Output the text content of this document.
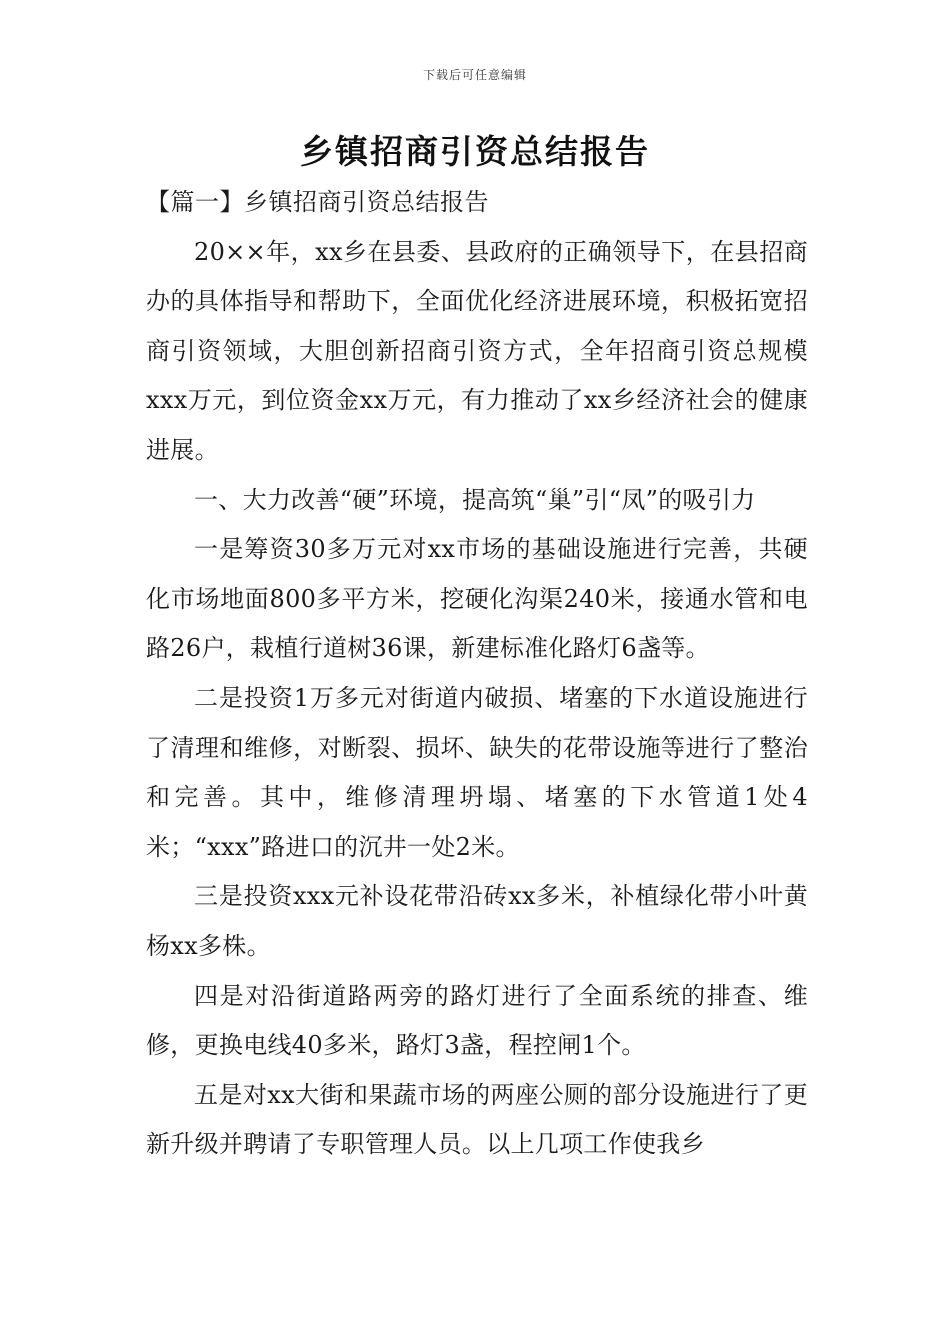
下载后可任意编辑
乡镇招商引资总结报告

【篇一】乡镇招商引资总结报告

20××年，xx乡在县委、县政府的正确领导下，在县招商办的具体指导和帮助下，全面优化经济进展环境，积极拓宽招商引资领域，大胆创新招商引资方式，全年招商引资总规模xxx万元，到位资金xx万元，有力推动了xx乡经济社会的健康进展。

一、大力改善“硬”环境，提高筑“巢”引“凤”的吸引力

一是筹资30多万元对xx市场的基础设施进行完善，共硬化市场地面800多平方米，挖硬化沟渠240米，接通水管和电路26户，栽植行道树36课，新建标准化路灯6盏等。

二是投资1万多元对街道内破损、堵塞的下水道设施进行了清理和维修，对断裂、损坏、缺失的花带设施等进行了整治和完善。其中，维修清理坍塌、堵塞的下水管道1处4米；“xxx”路进口的沉井一处2米。

三是投资xxx元补设花带沿砖xx多米，补植绿化带小叶黄杨xx多株。

四是对沿街道路两旁的路灯进行了全面系统的排查、维修，更换电线40多米，路灯3盏，程控闸1个。

五是对xx大街和果蔬市场的两座公厕的部分设施进行了更新升级并聘请了专职管理人员。以上几项工作使我乡
